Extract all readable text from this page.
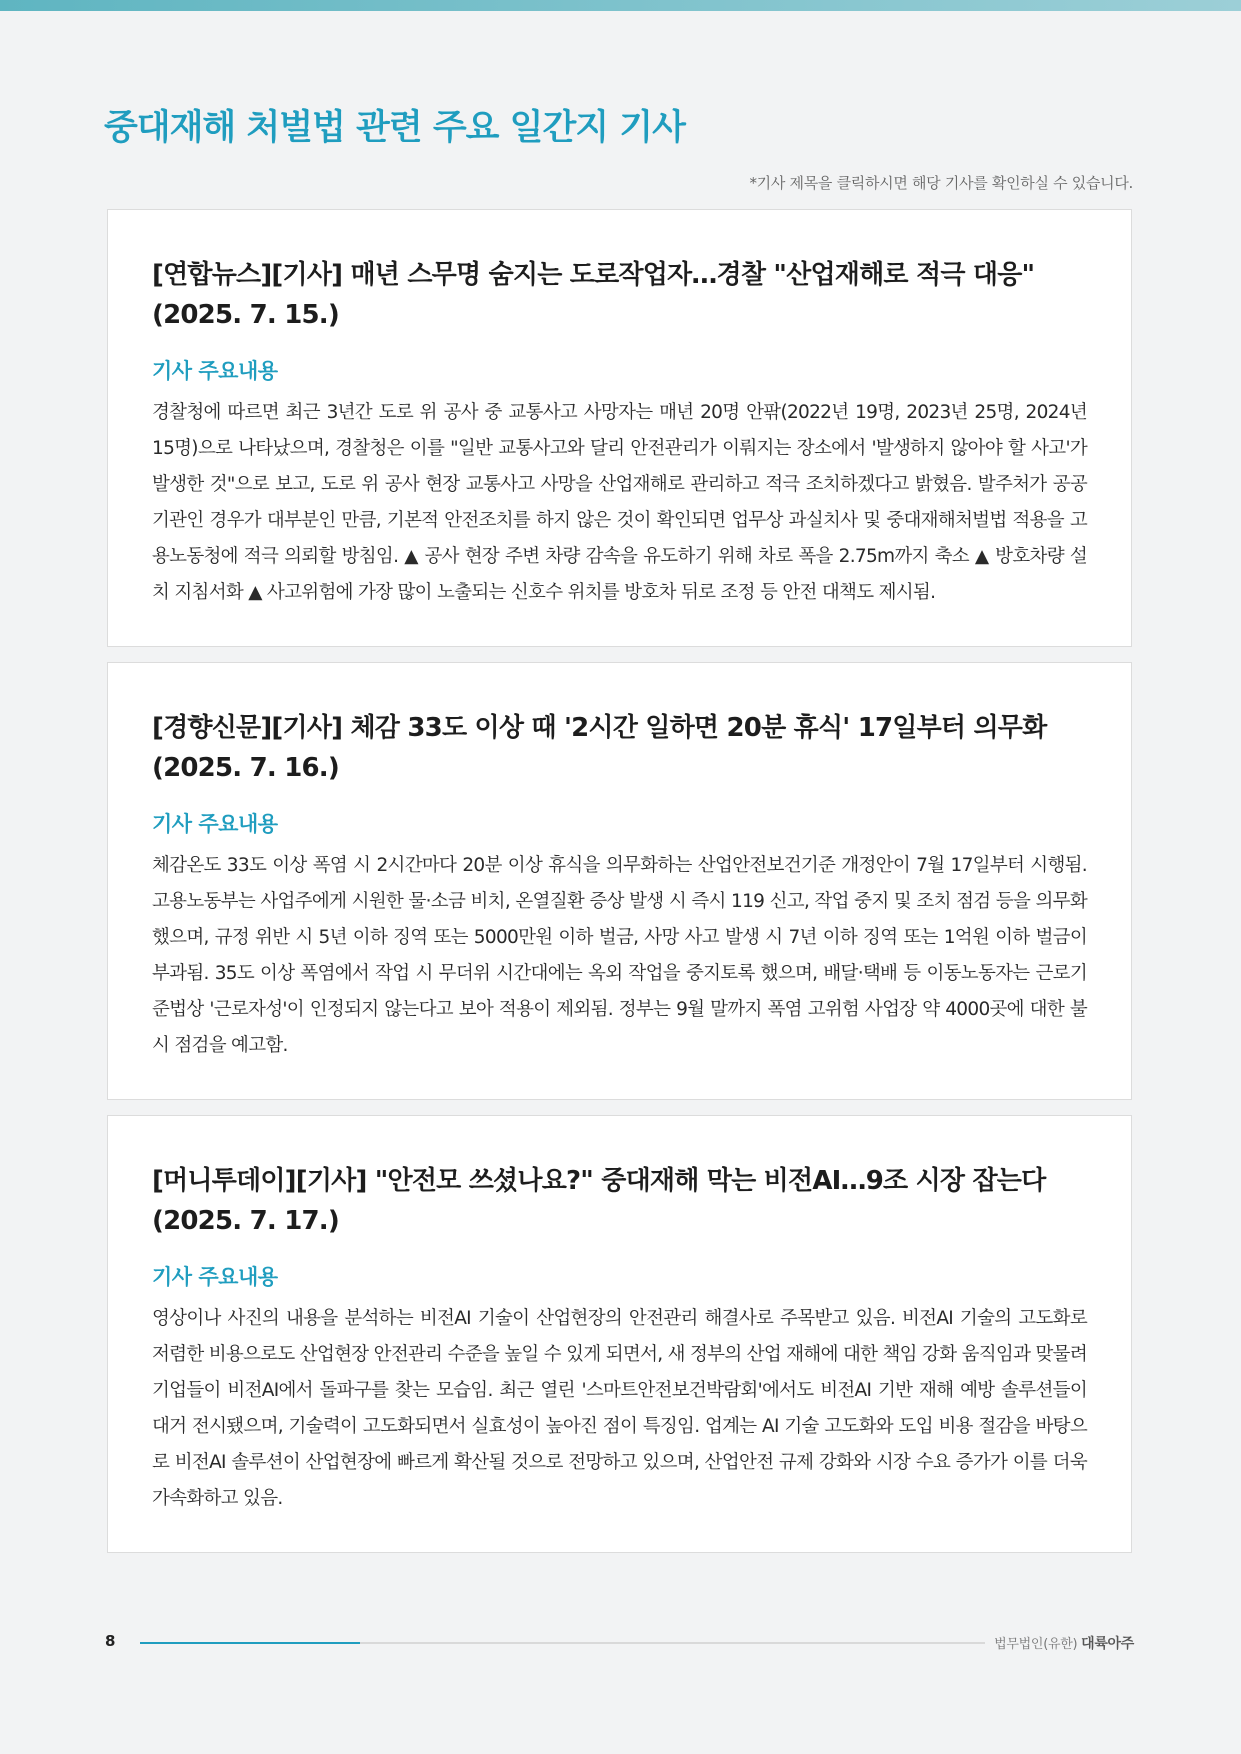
중대재해 처벌법 관련 주요 일간지 기사
*기사 제목을 클릭하시면 해당 기사를 확인하실 수 있습니다.
[연합뉴스][기사] 매년 스무명 숨지는 도로작업자…경찰 "산업재해로 적극 대응" (2025. 7. 15.)
기사 주요내용

경찰청에 따르면 최근 3년간 도로 위 공사 중 교통사고 사망자는 매년 20명 안팎(2022년 19명, 2023년 25명, 2024년 15명)으로 나타났으며, 경찰청은 이를 "일반 교통사고와 달리 안전관리가 이뤄지는 장소에서 '발생하지 않아야 할 사고'가 발생한 것"으로 보고, 도로 위 공사 현장 교통사고 사망을 산업재해로 관리하고 적극 조치하겠다고 밝혔음. 발주처가 공공기관인 경우가 대부분인 만큼, 기본적 안전조치를 하지 않은 것이 확인되면 업무상 과실치사 및 중대재해처벌법 적용을 고용노동청에 적극 의뢰할 방침임. ▲ 공사 현장 주변 차량 감속을 유도하기 위해 차로 폭을 2.75m까지 축소 ▲ 방호차량 설치 지침서화 ▲ 사고위험에 가장 많이 노출되는 신호수 위치를 방호차 뒤로 조정 등 안전 대책도 제시됨.

[경향신문][기사] 체감 33도 이상 때 '2시간 일하면 20분 휴식' 17일부터 의무화 (2025. 7. 16.)
기사 주요내용

체감온도 33도 이상 폭염 시 2시간마다 20분 이상 휴식을 의무화하는 산업안전보건기준 개정안이 7월 17일부터 시행됨. 고용노동부는 사업주에게 시원한 물·소금 비치, 온열질환 증상 발생 시 즉시 119 신고, 작업 중지 및 조치 점검 등을 의무화했으며, 규정 위반 시 5년 이하 징역 또는 5000만원 이하 벌금, 사망 사고 발생 시 7년 이하 징역 또는 1억원 이하 벌금이 부과됨. 35도 이상 폭염에서 작업 시 무더위 시간대에는 옥외 작업을 중지토록 했으며, 배달·택배 등 이동노동자는 근로기준법상 '근로자성'이 인정되지 않는다고 보아 적용이 제외됨. 정부는 9월 말까지 폭염 고위험 사업장 약 4000곳에 대한 불시 점검을 예고함.

[머니투데이][기사] "안전모 쓰셨나요?" 중대재해 막는 비전AI…9조 시장 잡는다 (2025. 7. 17.)
기사 주요내용

영상이나 사진의 내용을 분석하는 비전AI 기술이 산업현장의 안전관리 해결사로 주목받고 있음. 비전AI 기술의 고도화로 저렴한 비용으로도 산업현장 안전관리 수준을 높일 수 있게 되면서, 새 정부의 산업 재해에 대한 책임 강화 움직임과 맞물려 기업들이 비전AI에서 돌파구를 찾는 모습임. 최근 열린 '스마트안전보건박람회'에서도 비전AI 기반 재해 예방 솔루션들이 대거 전시됐으며, 기술력이 고도화되면서 실효성이 높아진 점이 특징임. 업계는 AI 기술 고도화와 도입 비용 절감을 바탕으로 비전AI 솔루션이 산업현장에 빠르게 확산될 것으로 전망하고 있으며, 산업안전 규제 강화와 시장 수요 증가가 이를 더욱 가속화하고 있음.

8	법무법인(유한) 대륙아주
